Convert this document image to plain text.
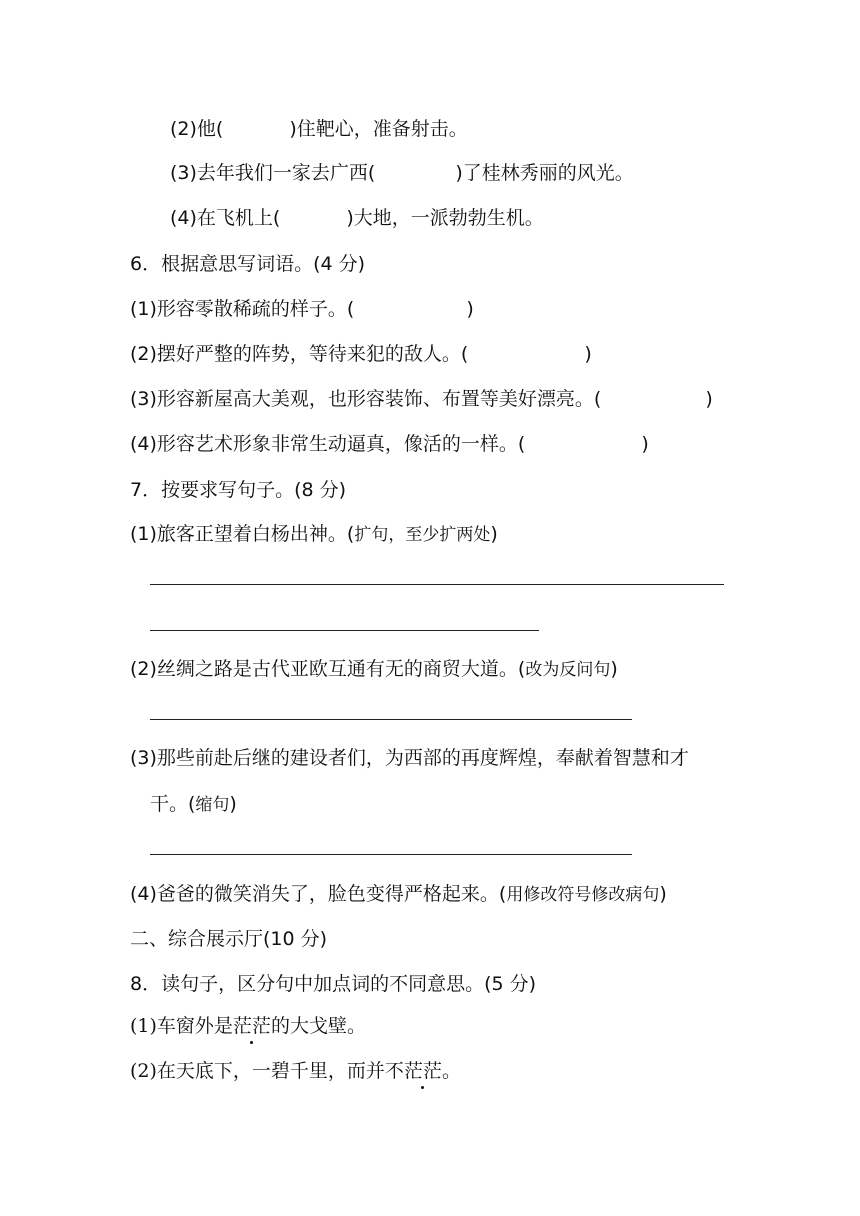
(2)他(	)住靶心，准备射击。
(3)去年我们一家去广西(	)了桂林秀丽的风光。
(4)在飞机上(	)大地，一派勃勃生机。
6．根据意思写词语。(4 分)
(1)形容零散稀疏的样子。(	)
(2)摆好严整的阵势，等待来犯的敌人。(	)
(3)形容新屋高大美观，也形容装饰、布置等美好漂亮。(	)
(4)形容艺术形象非常生动逼真，像活的一样。(	)
7．按要求写句子。(8 分)
(1)旅客正望着白杨出神。(扩句，至少扩两处)
(2)丝绸之路是古代亚欧互通有无的商贸大道。(改为反问句)
(3)那些前赴后继的建设者们，为西部的再度辉煌，奉献着智慧和才
干。(缩句)
(4)爸爸的微笑消失了，脸色变得严格起来。(用修改符号修改病句)
二、综合展示厅(10 分)
8．读句子，区分句中加点词的不同意思。(5 分)
(1)车窗外是茫茫的大戈壁。
(2)在天底下，一碧千里，而并不茫茫。
